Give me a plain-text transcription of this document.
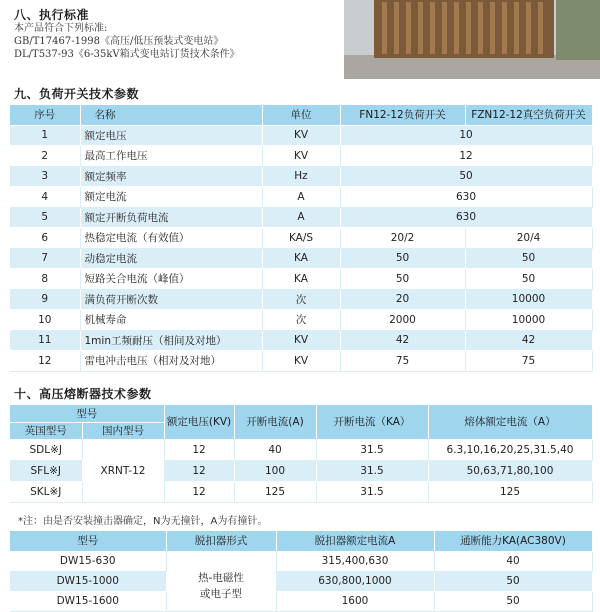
八、执行标准
本产品符合下列标准:
GB/T17467-1998《高压/低压预装式变电站》
DL/T537-93《6-35kV箱式变电站订货技术条件》
九、负荷开关技术参数
序号	名称	单位	FN12-12负荷开关	FZN12-12真空负荷开关
1	额定电压	KV	10	
2	最高工作电压	KV	12	
3	额定频率	Hz	50	
4	额定电流	A	630	
5	额定开断负荷电流	A	630	
6	热稳定电流（有效值）	KA/S	20/2	20/4
7	动稳定电流	KA	50	50
8	短路关合电流（峰值）	KA	50	50
9	满负荷开断次数	次	20	10000
10	机械寿命	次	2000	10000
11	1min工频耐压（相间及对地）	KV	42	42
12	雷电冲击电压（相对及对地）	KV	75	75
十、高压熔断器技术参数
型号		额定电压(KV)	开断电流(A)	开断电流（KA）	熔体额定电流（A）
英国型号	国内型号				
SDL※J	XRNT-12	12	40	31.5	6.3,10,16,20,25,31.5,40
SFL※J		12	100	31.5	50,63,71,80,100
SKL※J		12	125	31.5	125
*注：由是否安装撞击器确定，N为无撞针，A为有撞针。
型号	脱扣器形式	脱扣器额定电流A	通断能力KA(AC380V)
DW15-630	热-电磁性
或电子型	315,400,630	40
DW15-1000		630,800,1000	50
DW15-1600		1600	50
